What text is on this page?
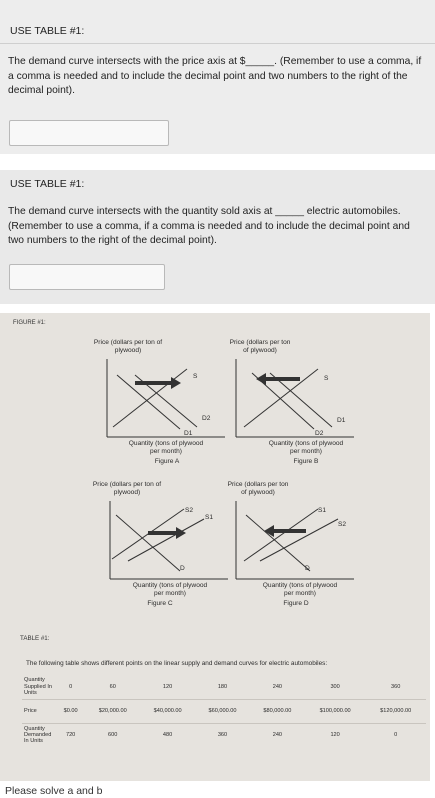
USE TABLE #1:
The demand curve intersects with the price axis at $_____. (Remember to use a comma, if a comma is needed and to include the decimal point and two numbers to the right of the decimal point).
USE TABLE #1:
The demand curve intersects with the quantity sold axis at _____ electric automobiles. (Remember to use a comma, if a comma is needed and to include the decimal point and two numbers to the right of the decimal point).
FIGURE #1:
Price (dollars per ton of plywood)
S
D2
D1
Quantity (tons of plywood per month)
Figure A
Price (dollars per ton of plywood)
S
D1
D2
Quantity (tons of plywood per month)
Figure B
Price (dollars per ton of plywood)
S2
S1
D
Quantity (tons of plywood per month)
Figure C
Price (dollars per ton of plywood)
S1
S2
D
Quantity (tons of plywood per month)
Figure D
TABLE #1:
The following table shows different points on the linear supply and demand curves for electric automobiles:
Quantity Supplied In Units	0	60	120	180	240	300	360
Price	$0.00	$20,000.00	$40,000.00	$60,000.00	$80,000.00	$100,000.00	$120,000.00
Quantity Demanded In Units	720	600	480	360	240	120	0
Please solve a and b
